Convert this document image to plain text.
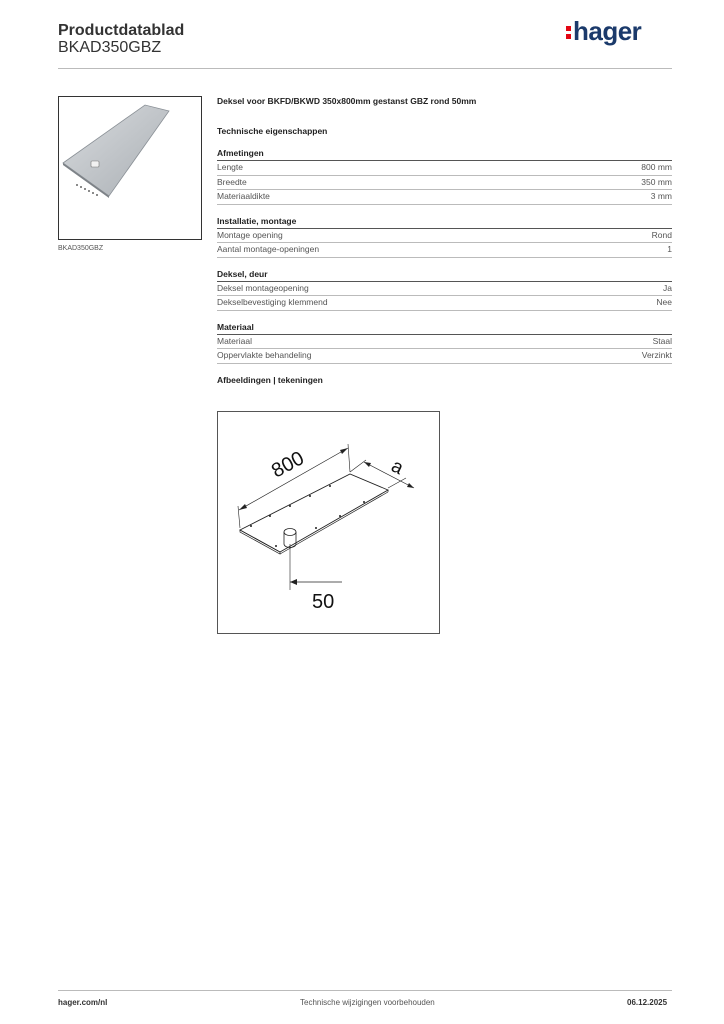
Productdatablad
BKAD350GBZ
hager
BKAD350GBZ
Deksel voor BKFD/BKWD 350x800mm gestanst GBZ rond 50mm
Technische eigenschappen
Afmetingen
Lengte	800 mm
Breedte	350 mm
Materiaaldikte	3 mm
Installatie, montage
Montage opening	Rond
Aantal montage-openingen	1
Deksel, deur
Deksel montageopening	Ja
Dekselbevestiging klemmend	Nee
Materiaal
Materiaal	Staal
Oppervlakte behandeling	Verzinkt
Afbeeldingen | tekeningen
800	a
50
hager.com/nl	Technische wijzigingen voorbehouden	06.12.2025
